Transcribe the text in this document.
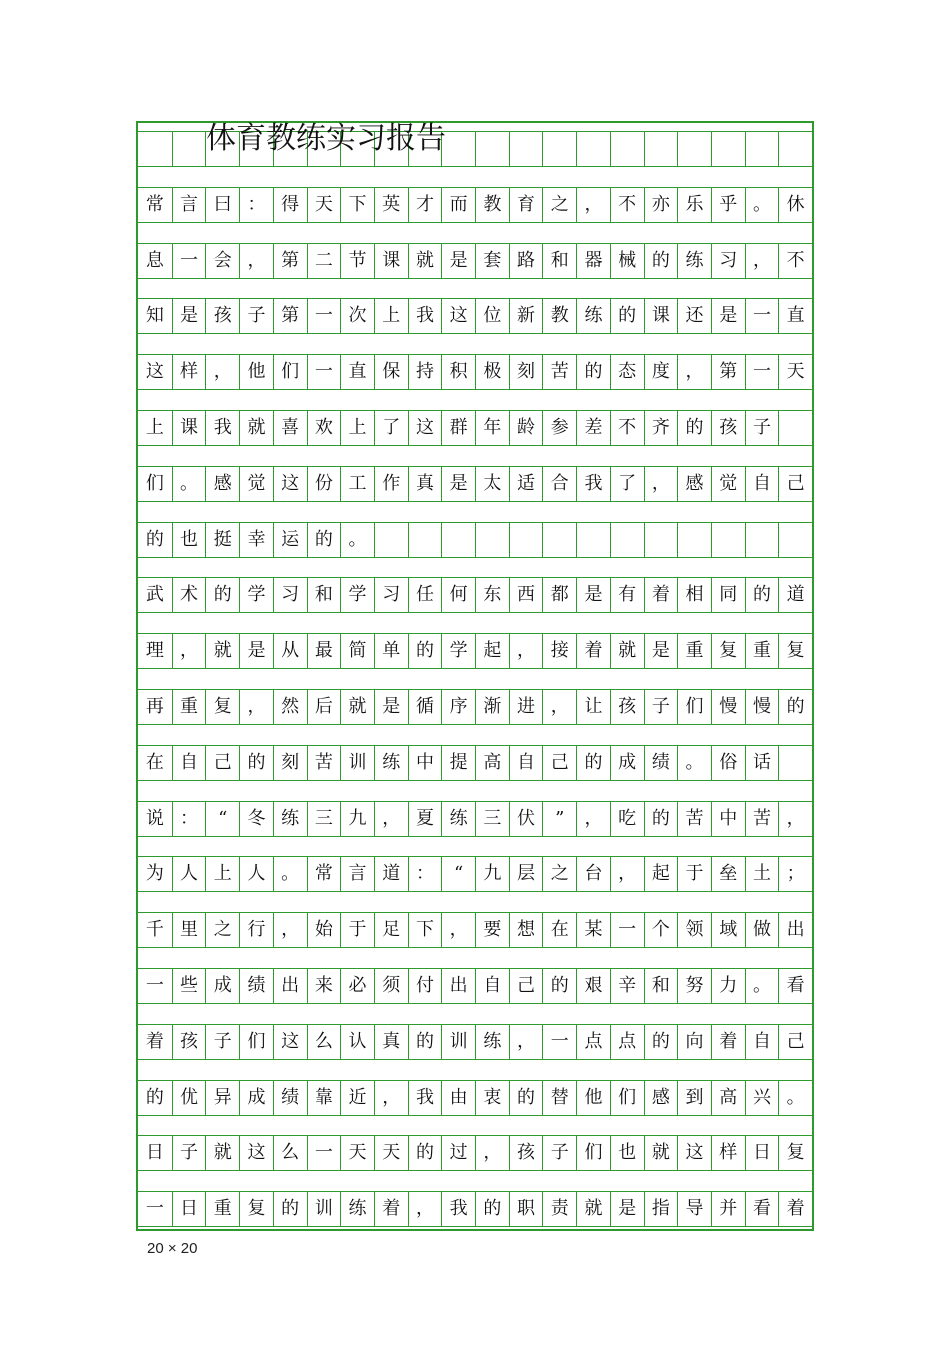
体育教练实习报告
常 言 曰 ： 得 天 下 英 才 而 教 育 之 ， 不 亦 乐 乎 。 休
息 一 会 ， 第 二 节 课 就 是 套 路 和 器 械 的 练 习 ， 不
知 是 孩 子 第 一 次 上 我 这 位 新 教 练 的 课 还 是 一 直
这 样 ， 他 们 一 直 保 持 积 极 刻 苦 的 态 度 ， 第 一 天
上 课 我 就 喜 欢 上 了 这 群 年 龄 参 差 不 齐 的 孩 子
们 。 感 觉 这 份 工 作 真 是 太 适 合 我 了 ， 感 觉 自 己
的 也 挺 幸 运 的 。
武 术 的 学 习 和 学 习 任 何 东 西 都 是 有 着 相 同 的 道
理 ， 就 是 从 最 简 单 的 学 起 ， 接 着 就 是 重 复 重 复
再 重 复 ， 然 后 就 是 循 序 渐 进 ， 让 孩 子 们 慢 慢 的
在 自 己 的 刻 苦 训 练 中 提 高 自 己 的 成 绩 。 俗 话
说 ：	“	冬 练 三 九 ， 夏 练 三 伏	”	， 吃 的 苦 中 苦 ，
为 人 上 人 。 常 言 道 ：	“	九 层 之 台 ， 起 于 垒 土 ；
千 里 之 行 ， 始 于 足 下 ， 要 想 在 某 一 个 领 域 做 出
一 些 成 绩 出 来 必 须 付 出 自 己 的 艰 辛 和 努 力 。 看
着 孩 子 们 这 么 认 真 的 训 练 ， 一 点 点 的 向 着 自 己
的 优 异 成 绩 靠 近 ， 我 由 衷 的 替 他 们 感 到 高 兴 。
日 子 就 这 么 一 天 天 的 过 ， 孩 子 们 也 就 这 样 日 复
一 日 重 复 的 训 练 着 ， 我 的 职 责 就 是 指 导 并 看 着
20 × 20
